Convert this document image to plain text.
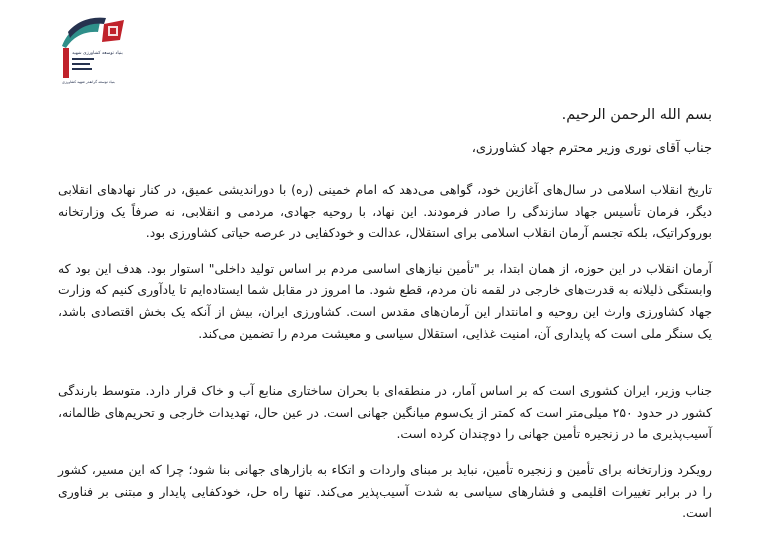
بنیاد توسعه کشاورزی شهید
بنیاد توسعه گرانقدر شهید کشاورزی

بسم الله الرحمن الرحیم.

جناب آقای نوری وزیر محترم جهاد کشاورزی،

تاریخ انقلاب اسلامی در سال‌های آغازین خود، گواهی می‌دهد که امام خمینی (ره) با دوراندیشی عمیق، در کنار نهادهای انقلابی دیگر، فرمان تأسیس جهاد سازندگی را صادر فرمودند. این نهاد، با روحیه جهادی، مردمی و انقلابی، نه صرفاً یک وزارتخانه بوروکراتیک، بلکه تجسم آرمان انقلاب اسلامی برای استقلال، عدالت و خودکفایی در عرصه حیاتی کشاورزی بود.

آرمان انقلاب در این حوزه، از همان ابتدا، بر "تأمین نیازهای اساسی مردم بر اساس تولید داخلی" استوار بود. هدف این بود که وابستگی ذلیلانه به قدرت‌های خارجی در لقمه نان مردم، قطع شود. ما امروز در مقابل شما ایستاده‌ایم تا یادآوری کنیم که وزارت جهاد کشاورزی وارث این روحیه و امانتدار این آرمان‌های مقدس است. کشاورزی ایران، بیش از آنکه یک بخش اقتصادی باشد، یک سنگر ملی است که پایداری آن، امنیت غذایی، استقلال سیاسی و معیشت مردم را تضمین می‌کند.

جناب وزیر، ایران کشوری است که بر اساس آمار، در منطقه‌ای با بحران ساختاری منابع آب و خاک قرار دارد. متوسط بارندگی کشور در حدود ۲۵۰ میلی‌متر است که کمتر از یک‌سوم میانگین جهانی است. در عین حال، تهدیدات خارجی و تحریم‌های ظالمانه، آسیب‌پذیری ما در زنجیره تأمین جهانی را دوچندان کرده است.

رویکرد وزارتخانه برای تأمین و زنجیره تأمین، نباید بر مبنای واردات و اتکاء به بازارهای جهانی بنا شود؛ چرا که این مسیر، کشور را در برابر تغییرات اقلیمی و فشارهای سیاسی به شدت آسیب‌پذیر می‌کند. تنها راه حل، خودکفایی پایدار و مبتنی بر فناوری است.
